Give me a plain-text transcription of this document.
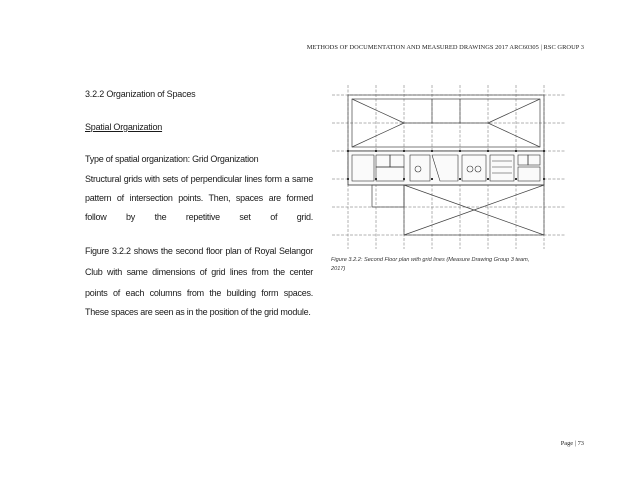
METHODS OF DOCUMENTATION AND MEASURED DRAWINGS 2017 ARC60305 | RSC GROUP 3
3.2.2 Organization of Spaces
Spatial Organization
Type of spatial organization: Grid Organization
Structural grids with sets of perpendicular lines form a same
pattern of intersection points. Then, spaces are formed
follow by the repetitive set of grid.
Figure 3.2.2 shows the second floor plan of Royal Selangor
Club with same dimensions of grid lines from the center
points of each columns from the building form spaces.
These spaces are seen as in the position of the grid module.
Figure 3.2.2: Second Floor plan with grid lines (Measure Drawing Group 3 team,
2017)
Page | 73
